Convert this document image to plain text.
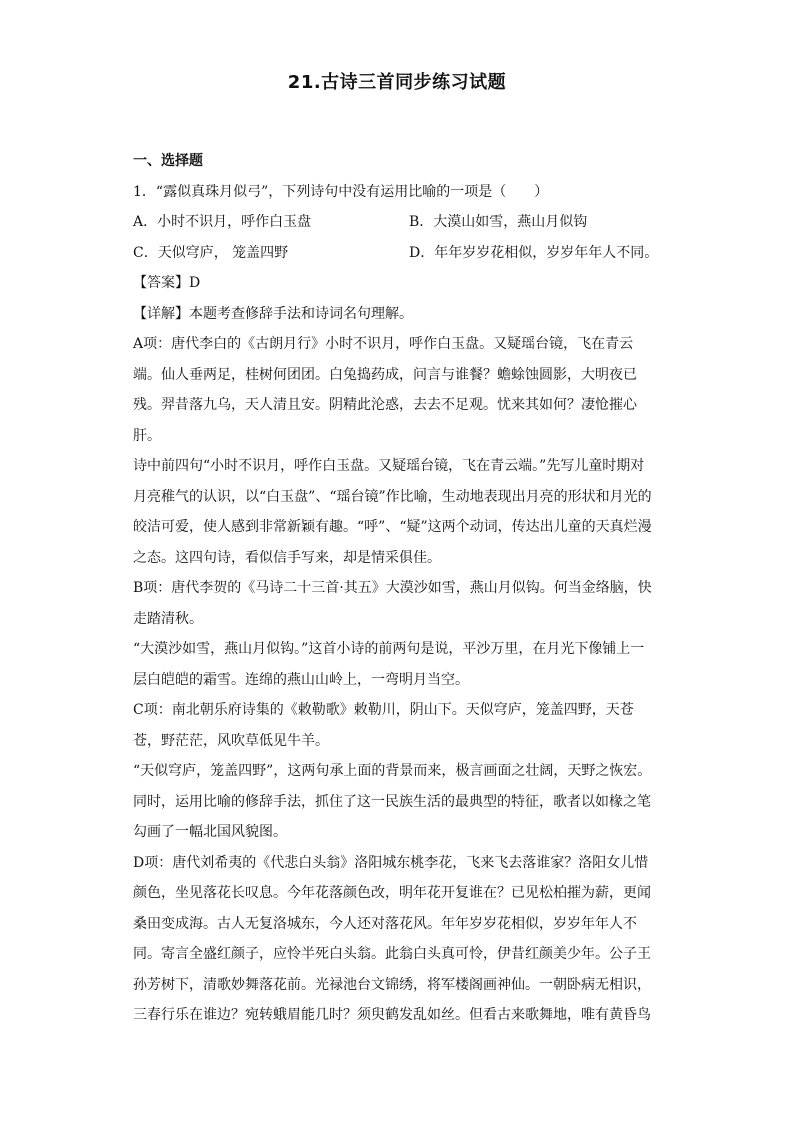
21.古诗三首同步练习试题

一、选择题

1．“露似真珠月似弓”，下列诗句中没有运用比喻的一项是（　　）

A．小时不识月，呼作白玉盘	B．大漠山如雪，燕山月似钩

C．天似穹庐， 笼盖四野	D．年年岁岁花相似，岁岁年年人不同。

【答案】D

【详解】本题考查修辞手法和诗词名句理解。

A项：唐代李白的《古朗月行》小时不识月，呼作白玉盘。又疑瑶台镜，飞在青云

端。仙人垂两足，桂树何团团。白兔捣药成，问言与谁餐？蟾蜍蚀圆影，大明夜已

残。羿昔落九乌，天人清且安。阴精此沦惑，去去不足观。忧来其如何？凄怆摧心

肝。

诗中前四句“小时不识月，呼作白玉盘。又疑瑶台镜，飞在青云端。”先写儿童时期对

月亮稚气的认识，以“白玉盘”、“瑶台镜”作比喻，生动地表现出月亮的形状和月光的

皎洁可爱，使人感到非常新颖有趣。“呼”、“疑”这两个动词，传达出儿童的天真烂漫

之态。这四句诗，看似信手写来，却是情采俱佳。

B项：唐代李贺的《马诗二十三首·其五》大漠沙如雪，燕山月似钩。何当金络脑，快

走踏清秋。

“大漠沙如雪，燕山月似钩。”这首小诗的前两句是说，平沙万里，在月光下像铺上一

层白皑皑的霜雪。连绵的燕山山岭上，一弯明月当空。

C项：南北朝乐府诗集的《敕勒歌》敕勒川，阴山下。天似穹庐，笼盖四野，天苍

苍，野茫茫，风吹草低见牛羊。

“天似穹庐，笼盖四野”，这两句承上面的背景而来，极言画面之壮阔，天野之恢宏。

同时，运用比喻的修辞手法，抓住了这一民族生活的最典型的特征，歌者以如椽之笔

勾画了一幅北国风貌图。

D项：唐代刘希夷的《代悲白头翁》洛阳城东桃李花，飞来飞去落谁家？洛阳女儿惜

颜色，坐见落花长叹息。今年花落颜色改，明年花开复谁在？已见松柏摧为薪，更闻

桑田变成海。古人无复洛城东，今人还对落花风。年年岁岁花相似，岁岁年年人不

同。寄言全盛红颜子，应怜半死白头翁。此翁白头真可怜，伊昔红颜美少年。公子王

孙芳树下，清歌妙舞落花前。光禄池台文锦绣，将军楼阁画神仙。一朝卧病无相识，

三春行乐在谁边？宛转蛾眉能几时？须臾鹤发乱如丝。但看古来歌舞地，唯有黄昏鸟
